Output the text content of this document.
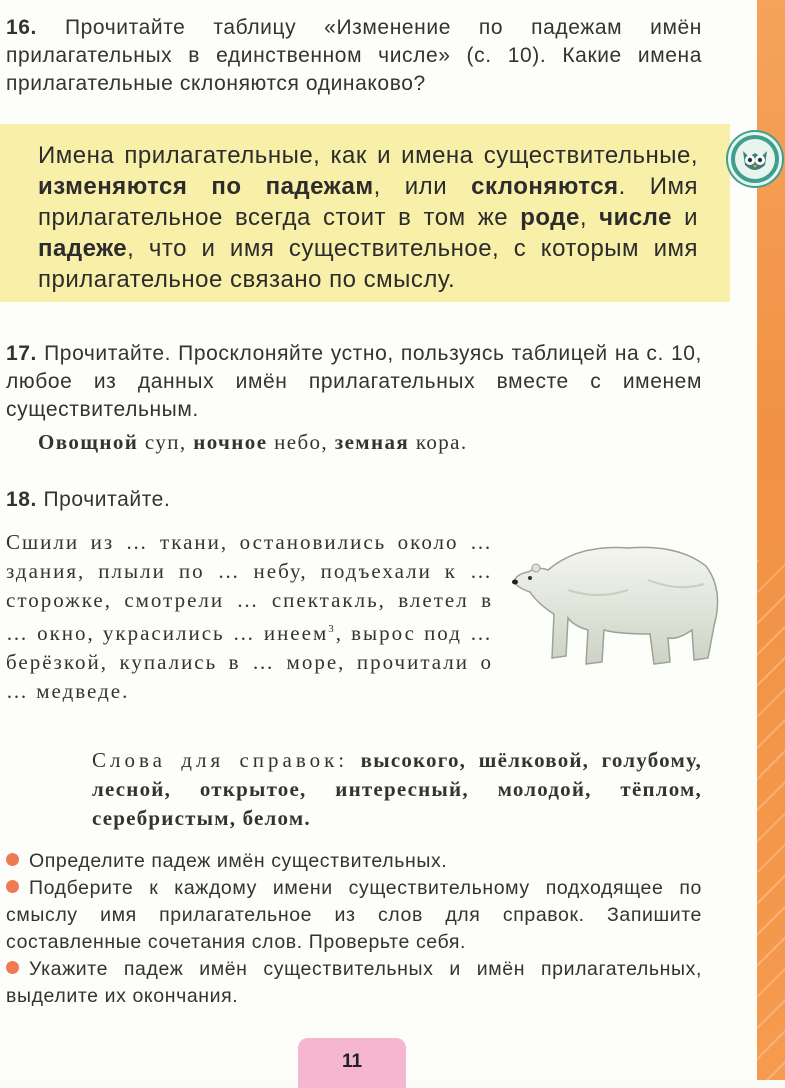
16. Прочитайте таблицу «Изменение по падежам имён прилагательных в единственном числе» (с. 10). Какие имена прилагательные склоняются одинаково?
Имена прилагательные, как и имена существительные, изменяются по падежам, или склоняются. Имя прилагательное всегда стоит в том же роде, числе и падеже, что и имя существительное, с которым имя прилагательное связано по смыслу.
17. Прочитайте. Просклоняйте устно, пользуясь таблицей на с. 10, любое из данных имён прилагательных вместе с именем существительным.
Овощной суп, ночное небо, земная кора.
18. Прочитайте.
Сшили из … ткани, остановились около … здания, плыли по … небу, подъехали к … сторожке, смотрели … спектакль, влетел в … окно, украсились … инеем$^3$, вырос под … берёзкой, купались в … море, прочитали о … медведе.
Слова для справок: высокого, шёлковой, голубому, лесной, открытое, интересный, молодой, тёплом, серебристым, белом.
Определите падеж имён существительных.
Подберите к каждому имени существительному подходящее по смыслу имя прилагательное из слов для справок. Запишите составленные сочетания слов. Проверьте себя.
Укажите падеж имён существительных и имён прилагательных, выделите их окончания.
11
